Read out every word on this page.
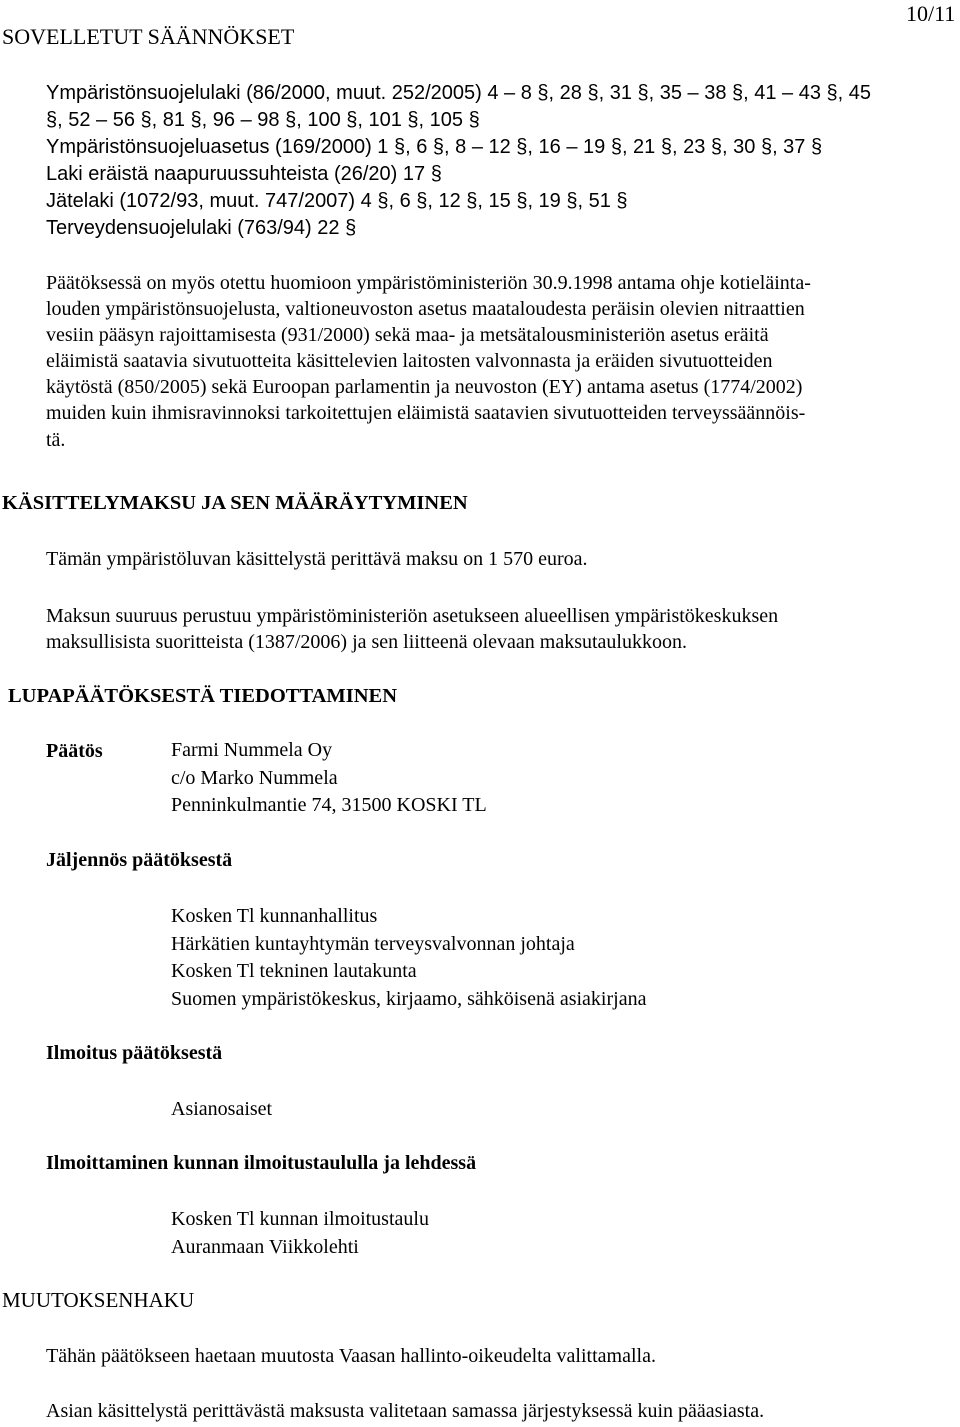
SOVELLETUT SÄÄNNÖKSET
10/11
Ympäristönsuojelulaki (86/2000, muut. 252/2005) 4 – 8 §, 28 §, 31 §, 35 – 38 §, 41 – 43 §, 45
§, 52 – 56 §, 81 §, 96 – 98 §, 100 §, 101 §, 105 §
Ympäristönsuojeluasetus (169/2000) 1 §, 6 §, 8 – 12 §, 16 – 19 §, 21 §, 23 §, 30 §, 37 §
Laki eräistä naapuruussuhteista (26/20) 17 §
Jätelaki (1072/93, muut. 747/2007) 4 §, 6 §, 12 §, 15 §, 19 §, 51 §
Terveydensuojelulaki (763/94) 22 §
Päätöksessä on myös otettu huomioon ympäristöministeriön 30.9.1998 antama ohje kotieläinta-
louden ympäristönsuojelusta, valtioneuvoston asetus maataloudesta peräisin olevien nitraattien
vesiin pääsyn rajoittamisesta (931/2000) sekä maa- ja metsätalousministeriön asetus eräitä
eläimistä saatavia sivutuotteita käsittelevien laitosten valvonnasta ja eräiden sivutuotteiden
käytöstä (850/2005) sekä Euroopan parlamentin ja neuvoston (EY) antama asetus (1774/2002)
muiden kuin ihmisravinnoksi tarkoitettujen eläimistä saatavien sivutuotteiden terveyssäännöis-
tä.
KÄSITTELYMAKSU JA SEN MÄÄRÄYTYMINEN
Tämän ympäristöluvan käsittelystä perittävä maksu on 1 570 euroa.
Maksun suuruus perustuu ympäristöministeriön asetukseen alueellisen ympäristökeskuksen
maksullisista suoritteista (1387/2006) ja sen liitteenä olevaan maksutaulukkoon.
LUPAPÄÄTÖKSESTÄ TIEDOTTAMINEN
Päätös	Farmi Nummela Oy
c/o Marko Nummela
Penninkulmantie 74, 31500 KOSKI TL
Jäljennös päätöksestä
Kosken Tl kunnanhallitus
Härkätien kuntayhtymän terveysvalvonnan johtaja
Kosken Tl tekninen lautakunta
Suomen ympäristökeskus, kirjaamo, sähköisenä asiakirjana
Ilmoitus päätöksestä
Asianosaiset
Ilmoittaminen kunnan ilmoitustaululla ja lehdessä
Kosken Tl kunnan ilmoitustaulu
Auranmaan Viikkolehti
MUUTOKSENHAKU
Tähän päätökseen haetaan muutosta Vaasan hallinto-oikeudelta valittamalla.
Asian käsittelystä perittävästä maksusta valitetaan samassa järjestyksessä kuin pääasiasta.
